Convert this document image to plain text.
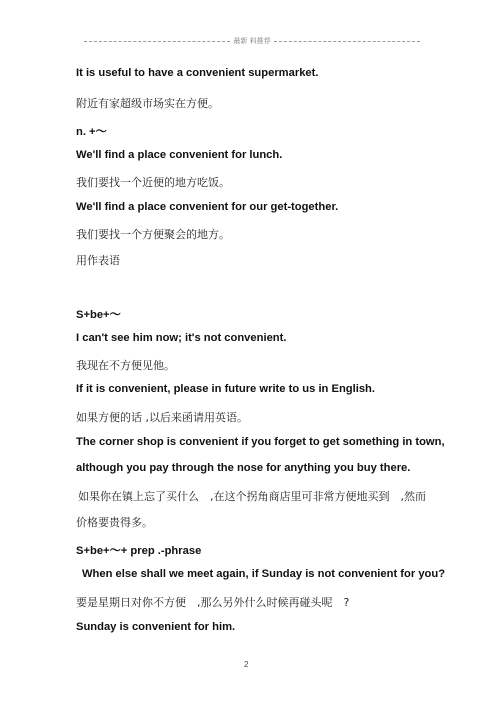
最新 料推荐
It is useful to have a convenient supermarket.
附近有家超级市场实在方便。
n. +～
We'll find a place convenient for lunch.
我们要找一个近便的地方吃饭。
We'll find a place convenient for our get-together.
我们要找一个方便聚会的地方。
用作表语
S+be+～
I can't see him now; it's not convenient.
我现在不方便见他。
If it is convenient, please in future write to us in English.
如果方便的话 ,以后来函请用英语。
The corner shop is convenient if you forget to get something in town,
although you pay through the nose for anything you buy there.
如果你在镇上忘了买什么　,在这个拐角商店里可非常方便地买到　,然而
价格要贵得多。
S+be+～+ prep .-phrase
When else shall we meet again, if Sunday is not convenient for you?
要是星期日对你不方便　,那么另外什么时候再碰头呢　?
Sunday is convenient for him.
2
